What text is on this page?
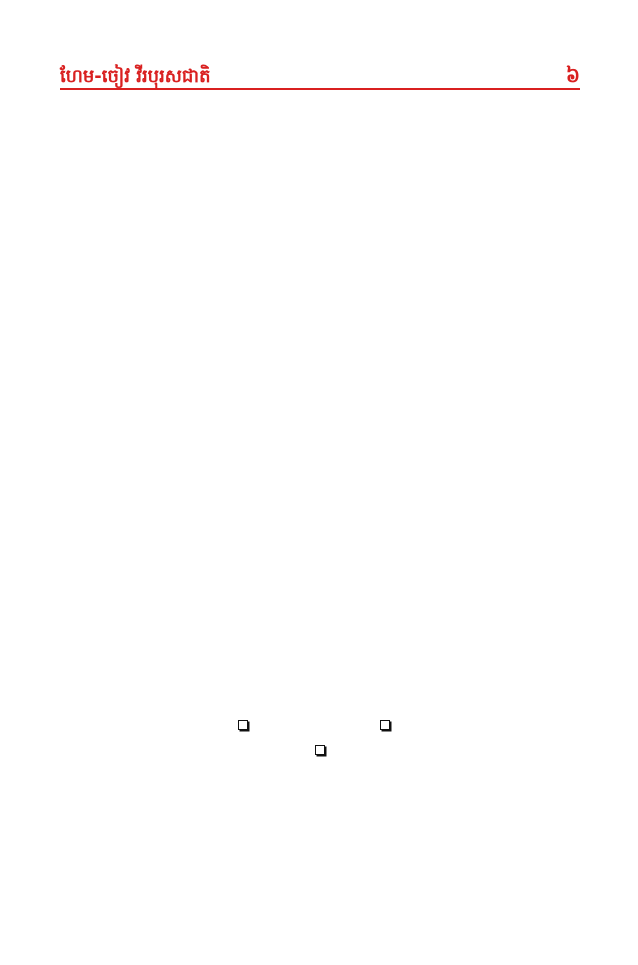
ហែម-ចៀវ វីរបុរសជាតិ	៦
